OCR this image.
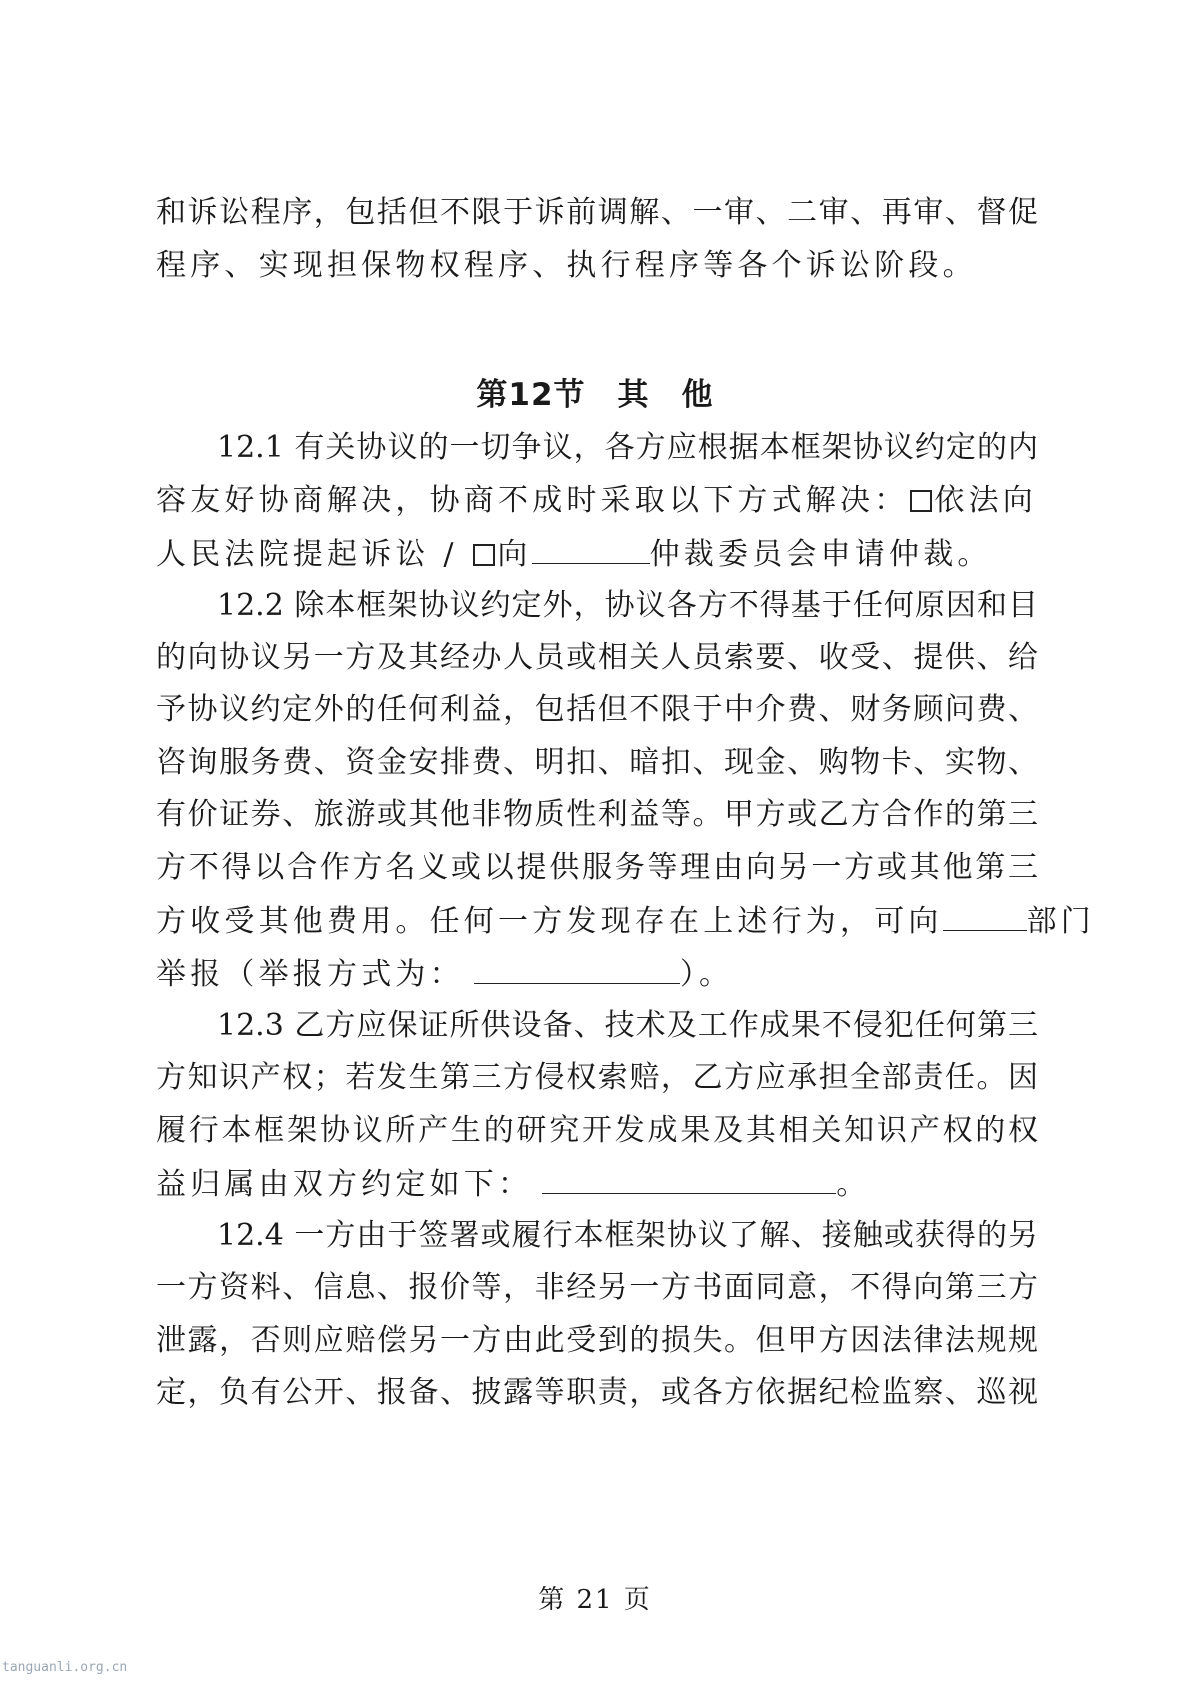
和诉讼程序，包括但不限于诉前调解、一审、二审、再审、督促
程序、实现担保物权程序、执行程序等各个诉讼阶段。
第12节　其　他
12.1 有关协议的一切争议，各方应根据本框架协议约定的内
容友好协商解决，协商不成时采取以下方式解决： 依法向
人民法院提起诉讼 / 向	仲裁委员会申请仲裁。
12.2 除本框架协议约定外，协议各方不得基于任何原因和目
的向协议另一方及其经办人员或相关人员索要、收受、提供、给
予协议约定外的任何利益，包括但不限于中介费、财务顾问费、
咨询服务费、资金安排费、明扣、暗扣、现金、购物卡、实物、
有价证券、旅游或其他非物质性利益等。甲方或乙方合作的第三
方不得以合作方名义或以提供服务等理由向另一方或其他第三
方收受其他费用。任何一方发现存在上述行为，可向	部门
举报（举报方式为：	）。
12.3 乙方应保证所供设备、技术及工作成果不侵犯任何第三
方知识产权；若发生第三方侵权索赔，乙方应承担全部责任。因
履行本框架协议所产生的研究开发成果及其相关知识产权的权
益归属由双方约定如下：	。
12.4 一方由于签署或履行本框架协议了解、接触或获得的另
一方资料、信息、报价等，非经另一方书面同意，不得向第三方
泄露，否则应赔偿另一方由此受到的损失。但甲方因法律法规规
定，负有公开、报备、披露等职责，或各方依据纪检监察、巡视
第 21 页
tanguanli.org.cn
